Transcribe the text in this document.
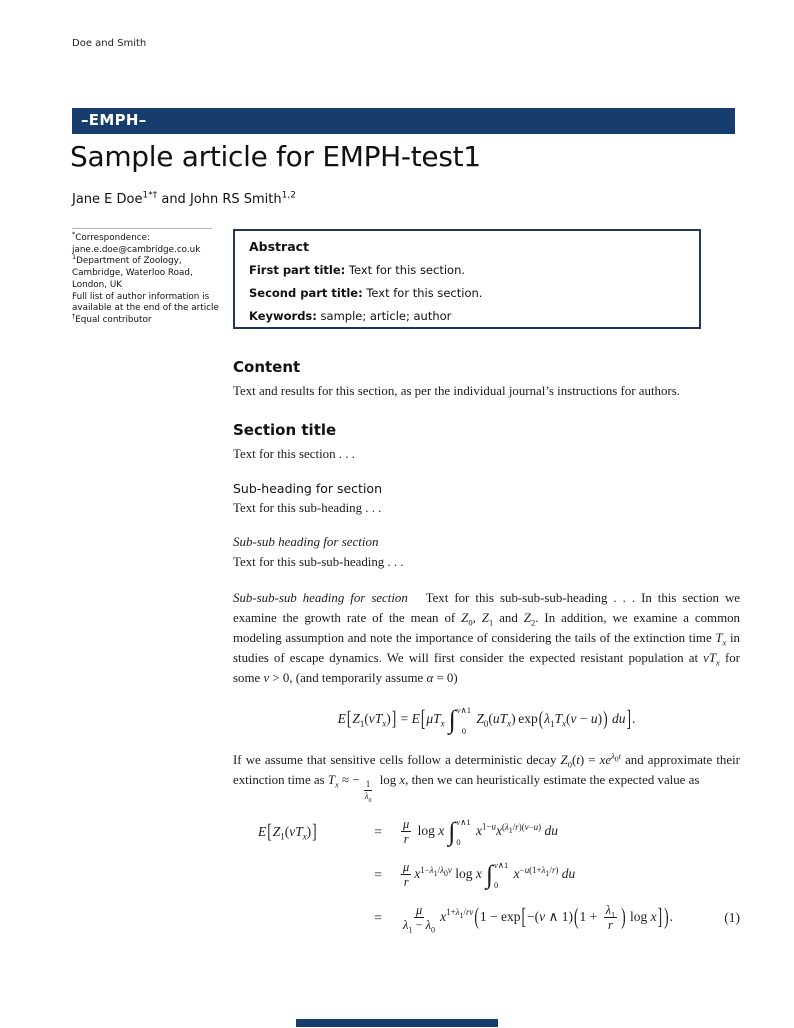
Doe and Smith
–EMPH–
Sample article for EMPH-test1
Jane E Doe$^{1*\dagger}$ and John RS Smith$^{1,2}$
*Correspondence:
jane.e.doe@cambridge.co.uk
$^1$Department of Zoology,
Cambridge, Waterloo Road,
London, UK
Full list of author information is
available at the end of the article
†Equal contributor
Abstract
First part title: Text for this section.
Second part title: Text for this section.
Keywords: sample; article; author
Content

Text and results for this section, as per the individual journal’s instructions for authors.

Section title

Text for this section . . .

Sub-heading for section

Text for this sub-heading . . .

Sub-sub heading for section

Text for this sub-sub-heading . . .

Sub-sub-sub heading for section   Text for this sub-sub-sub-heading . . . In this section we examine the growth rate of the mean of $Z_0$, $Z_1$ and $Z_2$. In addition, we examine a common modeling assumption and note the importance of considering the tails of the extinction time $T_x$ in studies of escape dynamics. We will first consider the expected resistant population at $vT_x$ for some v > 0, (and temporarily assume α = 0)

$E[Z_1(vT_x)] = E[\mu T_x$ ∫ v∧1
0
$Z_0(uT_x) \exp(\lambda_1T_x(v - u))$ du].

If we assume that sensitive cells follow a deterministic decay $Z_0(t) = xe^{\lambda_0t}$ and approximate their extinction time as $T_x$ ≈ − $\frac{1}{\lambda_0}$ log x, then we can heuristically estimate the expected value as

$E[Z_1(vT_x)]$	=	$\frac{\mu}{r}$ log x ∫ v∧1
0
$x^{1-u}x^{(\lambda_1/r)(v-u)}$ du
=	$\frac{\mu}{r} x^{1-\lambda_1/\lambda_0v}$ log x ∫ v∧1
0
$x^{-u(1+\lambda_1/r)}$ du
=	$\frac{\mu}{\lambda_1 - \lambda_0} x^{1+\lambda_1/rv}(1 - \exp[-(v$ ∧ $1)(1 + \frac{\lambda_1}{r}$ ) log x] ).	(1)
